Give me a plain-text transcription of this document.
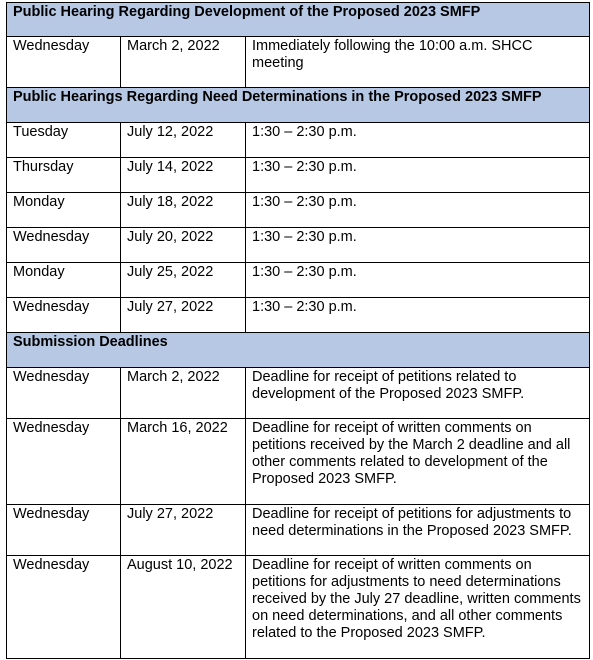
Public Hearing Regarding Development of the Proposed 2023 SMFP		
Wednesday	March 2, 2022	Immediately following the 10:00 a.m. SHCC meeting
Public Hearings Regarding Need Determinations in the Proposed 2023 SMFP		
Tuesday	July 12, 2022	1:30 – 2:30 p.m.
Thursday	July 14, 2022	1:30 – 2:30 p.m.
Monday	July 18, 2022	1:30 – 2:30 p.m.
Wednesday	July 20, 2022	1:30 – 2:30 p.m.
Monday	July 25, 2022	1:30 – 2:30 p.m.
Wednesday	July 27, 2022	1:30 – 2:30 p.m.
Submission Deadlines		
Wednesday	March 2, 2022	Deadline for receipt of petitions related to development of the Proposed 2023 SMFP.
Wednesday	March 16, 2022	Deadline for receipt of written comments on petitions received by the March 2 deadline and all other comments related to development of the Proposed 2023 SMFP.
Wednesday	July 27, 2022	Deadline for receipt of petitions for adjustments to need determinations in the Proposed 2023 SMFP.
Wednesday	August 10, 2022	Deadline for receipt of written comments on petitions for adjustments to need determinations received by the July 27 deadline, written comments on need determinations, and all other comments related to the Proposed 2023 SMFP.
